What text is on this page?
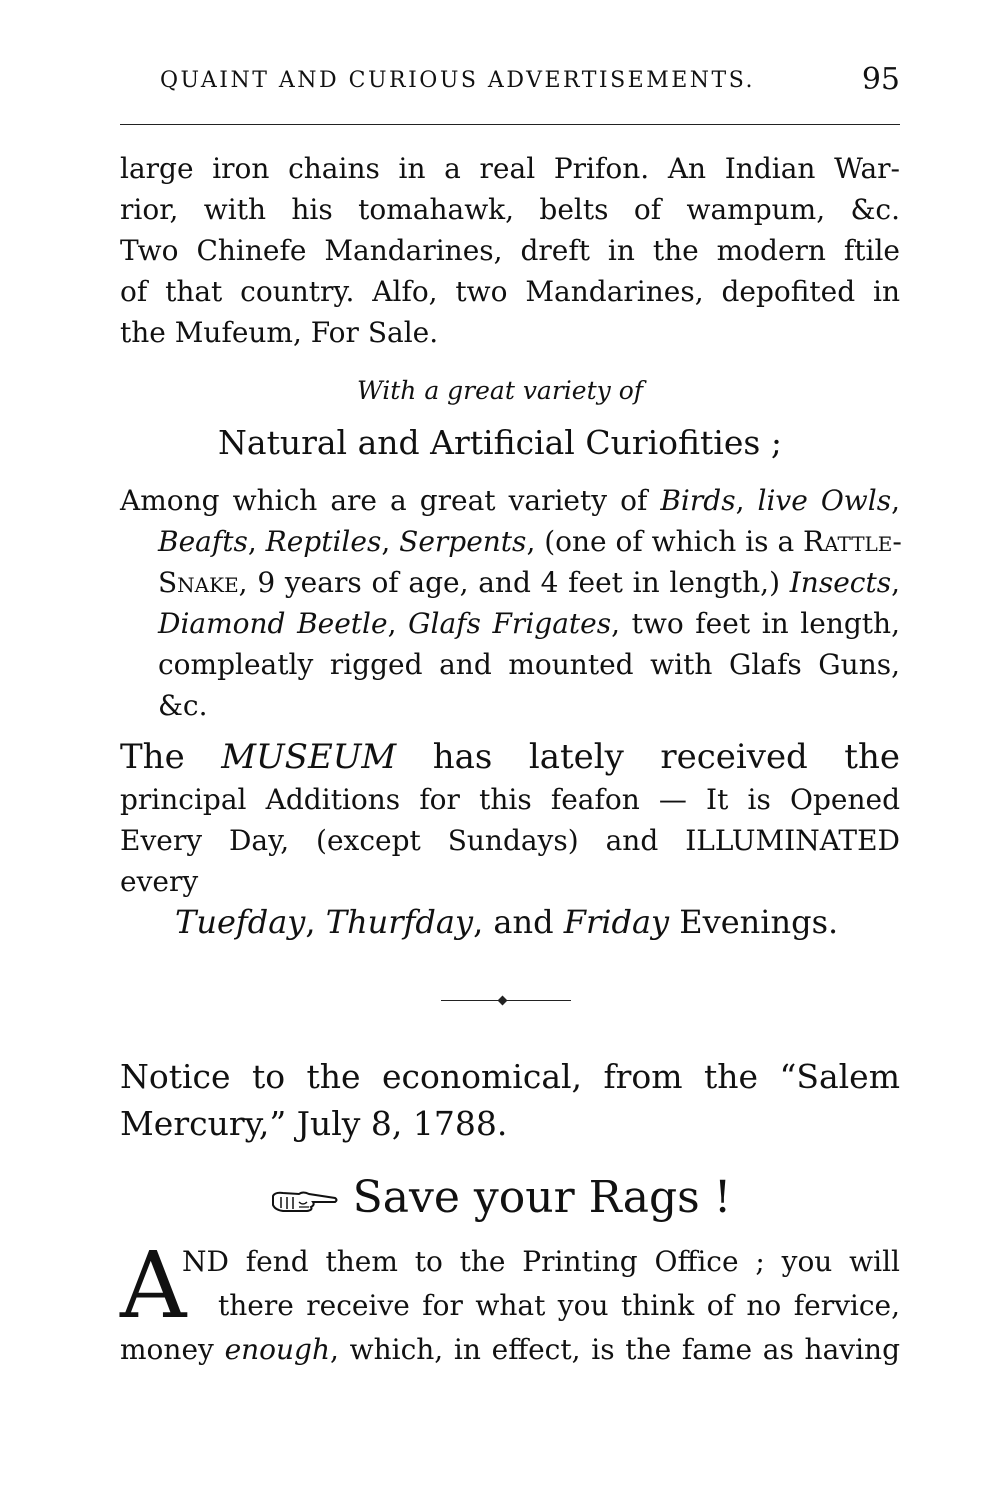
QUAINT AND CURIOUS ADVERTISEMENTS.	95
large iron chains in a real Prifon. An Indian War-
rior, with his tomahawk, belts of wampum, &c.
Two Chinefe Mandarines, dreft in the modern ftile
of that country. Alfo, two Mandarines, depofited in
the Mufeum, For Sale.
With a great variety of
Natural and Artificial Curiofities ;
Among which are a great variety of Birds, live Owls,
Beafts, Reptiles, Serpents, (one of which is a Rattle-
Snake, 9 years of age, and 4 feet in length,) Insects,
Diamond Beetle, Glafs Frigates, two feet in length,
compleatly rigged and mounted with Glafs Guns,
&c.
The MUSEUM has lately received the
principal Additions for this feafon — It is Opened
Every Day, (except Sundays) and ILLUMINATED
every
Tuefday, Thurfday, and Friday Evenings.
Notice to the economical, from the “Salem
Mercury,” July 8, 1788.
Save your Rags !
A
ND fend them to the Printing Office ; you will
there receive for what you think of no fervice,
money enough, which, in effect, is the fame as having
